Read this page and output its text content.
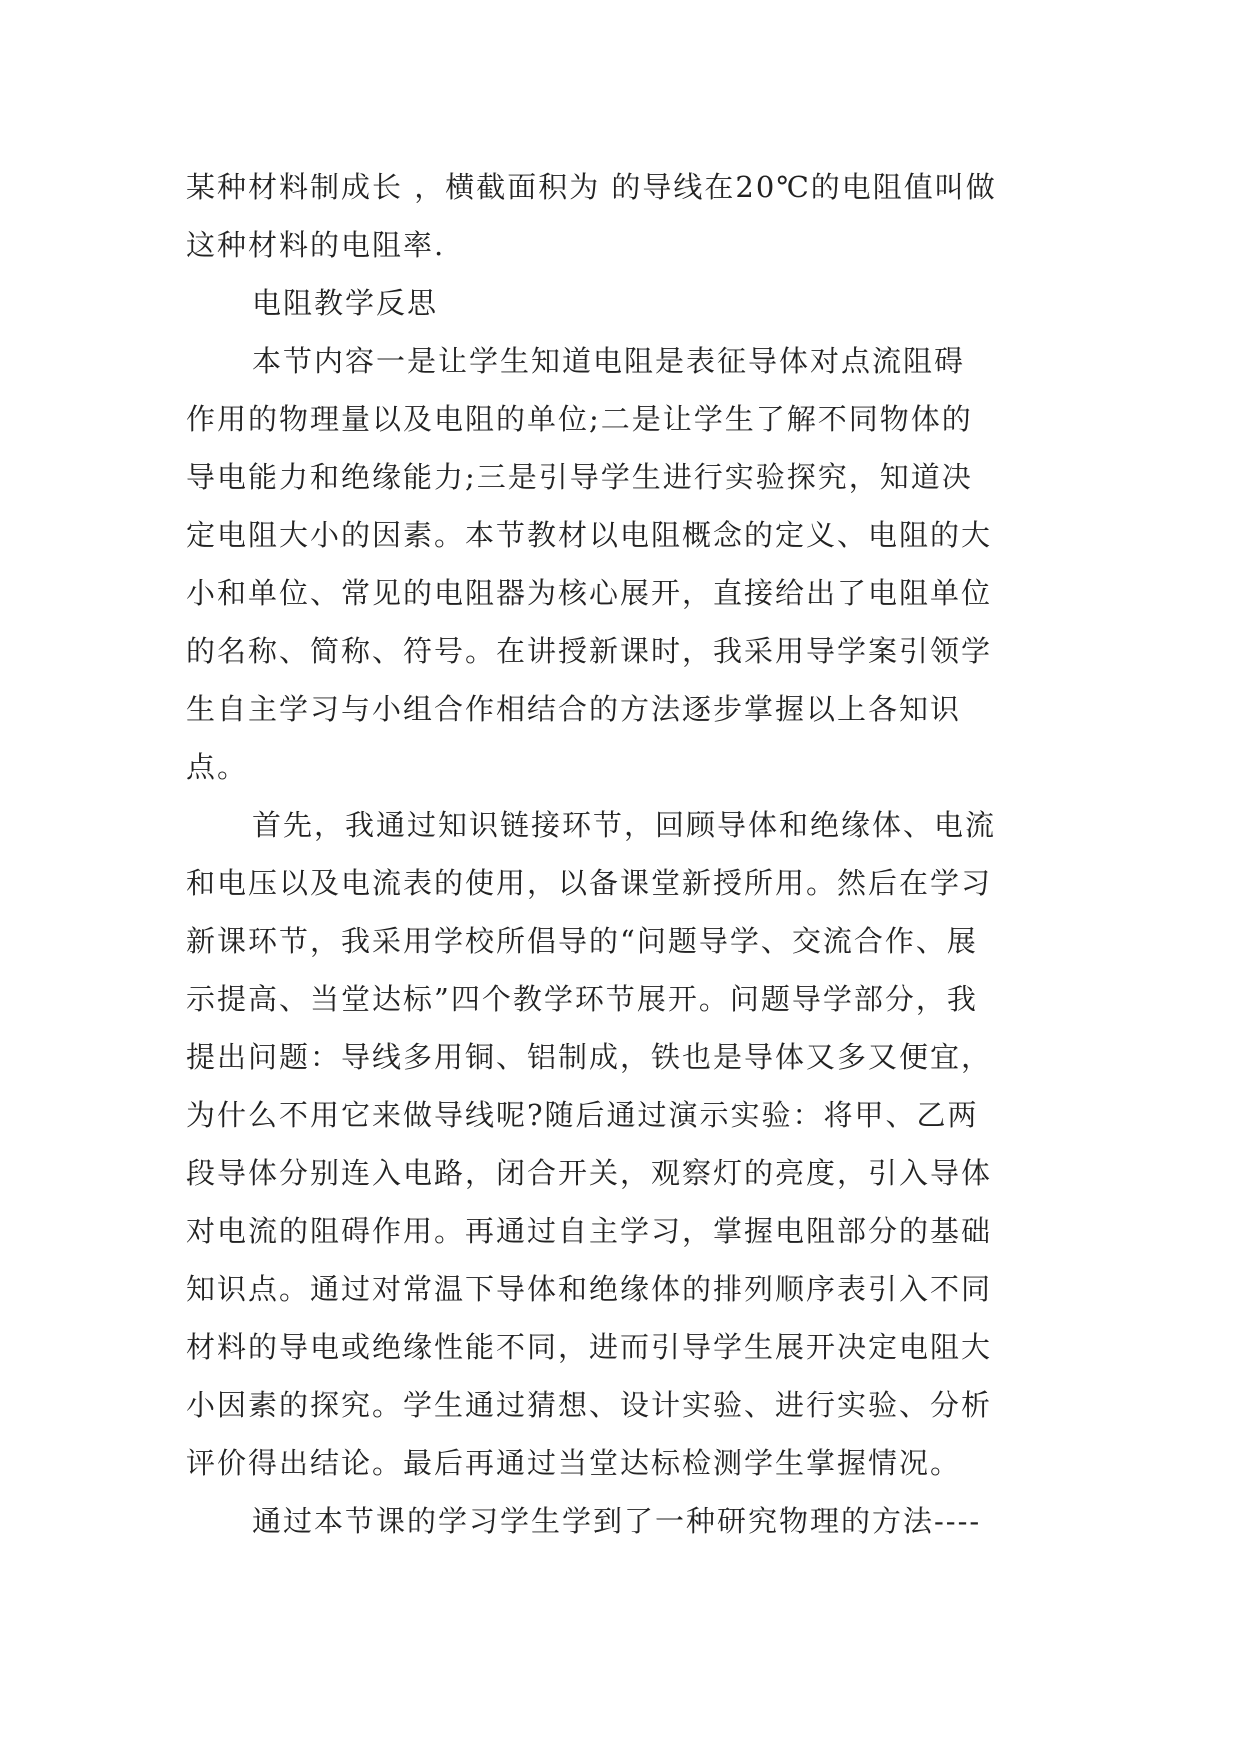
某种材料制成长 ，横截面积为 的导线在20℃的电阻值叫做
这种材料的电阻率.
电阻教学反思
本节内容一是让学生知道电阻是表征导体对点流阻碍
作用的物理量以及电阻的单位;二是让学生了解不同物体的
导电能力和绝缘能力;三是引导学生进行实验探究，知道决
定电阻大小的因素。本节教材以电阻概念的定义、电阻的大
小和单位、常见的电阻器为核心展开，直接给出了电阻单位
的名称、简称、符号。在讲授新课时，我采用导学案引领学
生自主学习与小组合作相结合的方法逐步掌握以上各知识
点。
首先，我通过知识链接环节，回顾导体和绝缘体、电流
和电压以及电流表的使用，以备课堂新授所用。然后在学习
新课环节，我采用学校所倡导的“问题导学、交流合作、展
示提高、当堂达标”四个教学环节展开。问题导学部分，我
提出问题：导线多用铜、铝制成，铁也是导体又多又便宜，
为什么不用它来做导线呢?随后通过演示实验：将甲、乙两
段导体分别连入电路，闭合开关，观察灯的亮度，引入导体
对电流的阻碍作用。再通过自主学习，掌握电阻部分的基础
知识点。通过对常温下导体和绝缘体的排列顺序表引入不同
材料的导电或绝缘性能不同，进而引导学生展开决定电阻大
小因素的探究。学生通过猜想、设计实验、进行实验、分析
评价得出结论。最后再通过当堂达标检测学生掌握情况。
通过本节课的学习学生学到了一种研究物理的方法----
